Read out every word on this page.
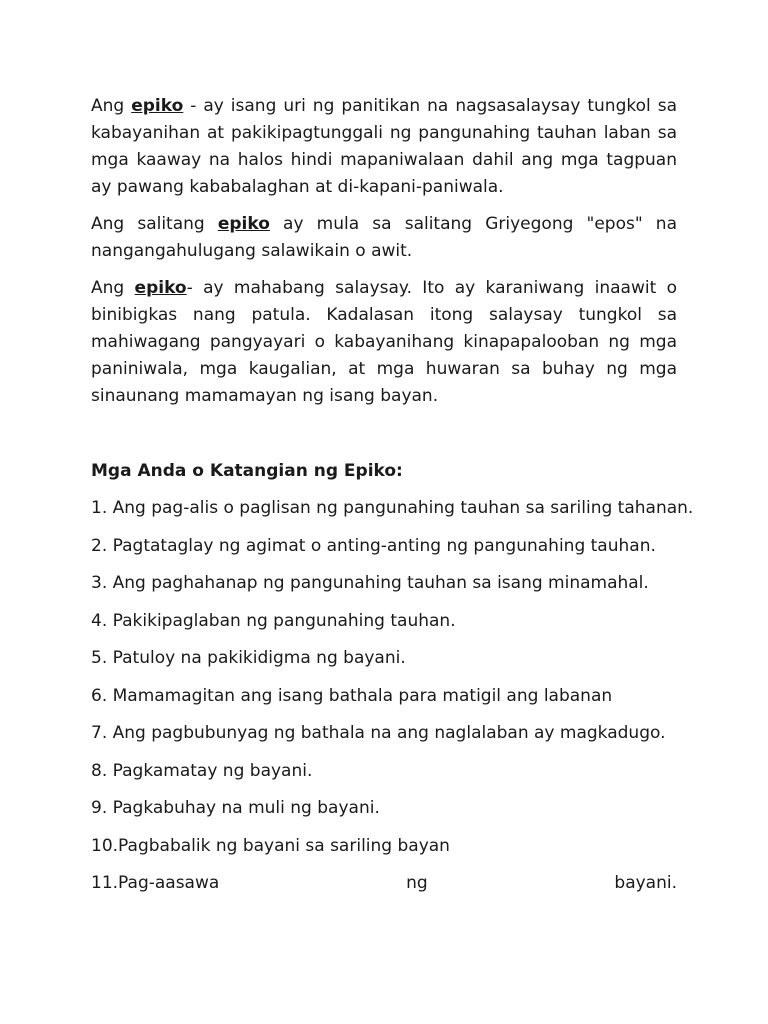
Ang epiko - ay isang uri ng panitikan na nagsasalaysay tungkol sa kabayanihan at pakikipagtunggali ng pangunahing tauhan laban sa mga kaaway na halos hindi mapaniwalaan dahil ang mga tagpuan ay pawang kababalaghan at di-kapani-paniwala.

Ang salitang epiko ay mula sa salitang Griyegong "epos" na nangangahulugang salawikain o awit.

Ang epiko- ay mahabang salaysay. Ito ay karaniwang inaawit o binibigkas nang patula. Kadalasan itong salaysay tungkol sa mahiwagang pangyayari o kabayanihang kinapapalooban ng mga paniniwala, mga kaugalian, at mga huwaran sa buhay ng mga sinaunang mamamayan ng isang bayan.

Mga Anda o Katangian ng Epiko:
1. Ang pag-alis o paglisan ng pangunahing tauhan sa sariling tahanan.
2. Pagtataglay ng agimat o anting-anting ng pangunahing tauhan.
3. Ang paghahanap ng pangunahing tauhan sa isang minamahal.
4. Pakikipaglaban ng pangunahing tauhan.
5. Patuloy na pakikidigma ng bayani.
6. Mamamagitan ang isang bathala para matigil ang labanan
7. Ang pagbubunyag ng bathala na ang naglalaban ay magkadugo.
8. Pagkamatay ng bayani.
9. Pagkabuhay na muli ng bayani.
10.Pagbabalik ng bayani sa sariling bayan
11.Pag-aasawa	ng	bayani.
